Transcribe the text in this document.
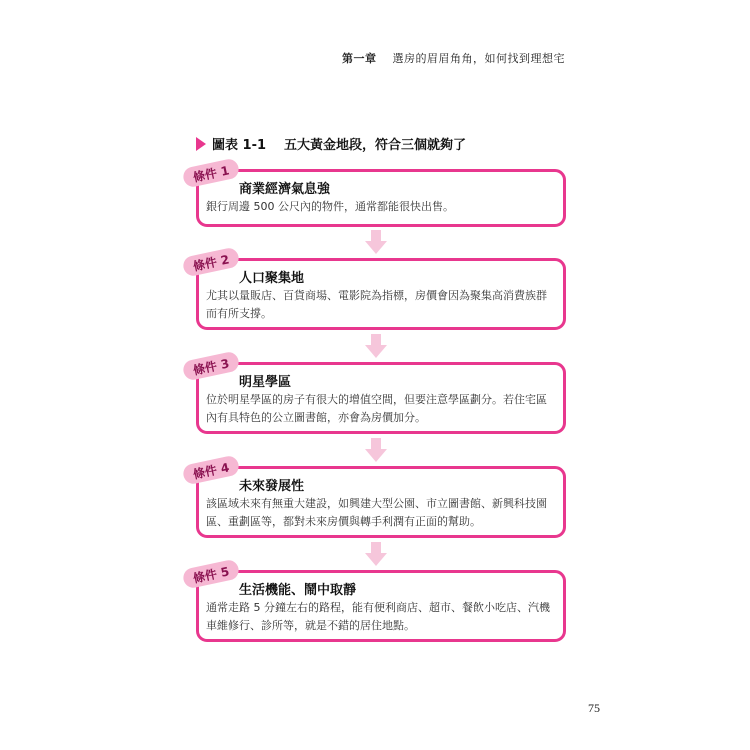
第一章 選房的眉眉角角，如何找到理想宅
圖表 1-1 五大黃金地段，符合三個就夠了
條件 1
商業經濟氣息強
銀行周邊 500 公尺內的物件，通常都能很快出售。
條件 2
人口聚集地
尤其以量販店、百貨商場、電影院為指標，房價會因為聚集高消費族群而有所支撐。
條件 3
明星學區
位於明星學區的房子有很大的增值空間，但要注意學區劃分。若住宅區內有具特色的公立圖書館，亦會為房價加分。
條件 4
未來發展性
該區域未來有無重大建設，如興建大型公園、市立圖書館、新興科技園區、重劃區等，都對未來房價與轉手利潤有正面的幫助。
條件 5
生活機能、鬧中取靜
通常走路 5 分鐘左右的路程，能有便利商店、超市、餐飲小吃店、汽機車維修行、診所等，就是不錯的居住地點。
75
